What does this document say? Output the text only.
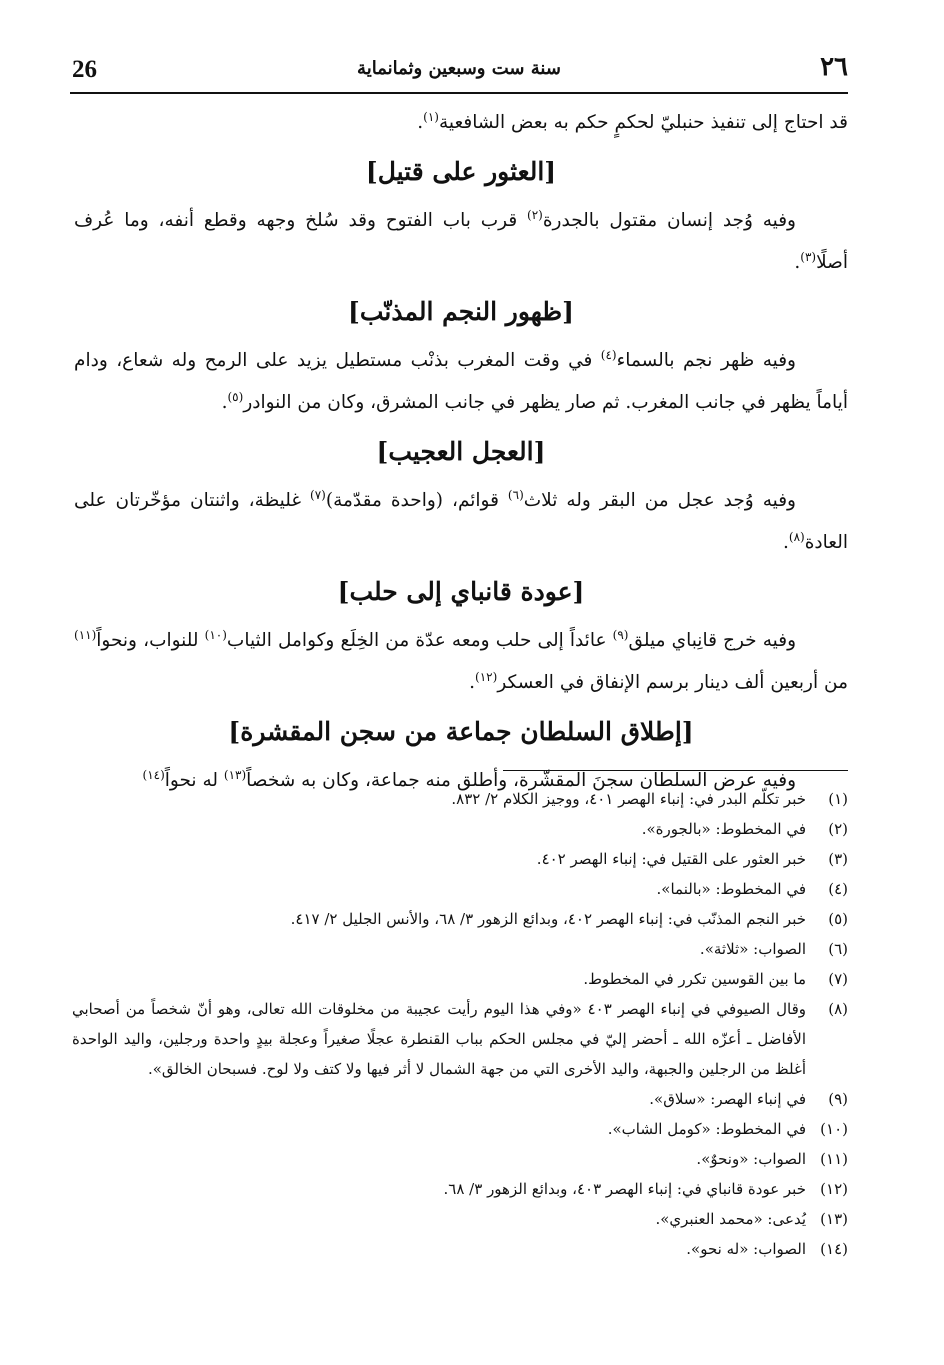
26	سنة ست وسبعين وثمانماية	٢٦

قد احتاج إلى تنفيذ حنبليّ لحكمٍ حكم به بعض الشافعية$^{(١)}$.

[العثور على قتيل]

وفيه وُجد إنسان مقتول بالجدرة$^{(٢)}$ قرب باب الفتوح وقد سُلخ وجهه وقطع أنفه، وما عُرف أصلًا$^{(٣)}$.

[ظهور النجم المذنّب]

وفيه ظهر نجم بالسماء$^{(٤)}$ في وقت المغرب بذنْب مستطيل يزيد على الرمح وله شعاع، ودام أياماً يظهر في جانب المغرب. ثم صار يظهر في جانب المشرق، وكان من النوادر$^{(٥)}$.

[العجل العجيب]

وفيه وُجد عجل من البقر وله ثلاث$^{(٦)}$ قوائم، (واحدة مقدّمة)$^{(٧)}$ غليظة، واثنتان مؤخّرتان على العادة$^{(٨)}$.

[عودة قانباي إلى حلب]

وفيه خرج قانِباي ميلق$^{(٩)}$ عائداً إلى حلب ومعه عدّة من الخِلَع وكوامل الثياب$^{(١٠)}$ للنواب، ونحواً$^{(١١)}$ من أربعين ألف دينار برسم الإنفاق في العسكر$^{(١٢)}$.

[إطلاق السلطان جماعة من سجن المقشرة]

وفيه عرض السلطان سجنَ المقشّرة، وأطلق منه جماعة، وكان به شخصاً$^{(١٣)}$ له نحواً$^{(١٤)}$

(١)
خبر تكلّم البدر في: إنباء الهصر ٤٠١، ووجيز الكلام ٢/ ٨٣٢.
(٢)
في المخطوط: «بالجورة».
(٣)
خبر العثور على القتيل في: إنباء الهصر ٤٠٢.
(٤)
في المخطوط: «بالنما».
(٥)
خبر النجم المذنّب في: إنباء الهصر ٤٠٢، وبدائع الزهور ٣/ ٦٨، والأنس الجليل ٢/ ٤١٧.
(٦)
الصواب: «ثلاثة».
(٧)
ما بين القوسين تكرر في المخطوط.
(٨)
وقال الصيوفي في إنباء الهصر ٤٠٣ «وفي هذا اليوم رأيت عجيبة من مخلوقات الله تعالى، وهو أنّ شخصاً من أصحابي الأفاضل ـ أعزّه الله ـ أحضر إليّ في مجلس الحكم بباب القنطرة عجلًا صغيراً وعجلة بيدٍ واحدة ورجلين، واليد الواحدة أغلظ من الرجلين والجبهة، واليد الأخرى التي من جهة الشمال لا أثر فيها ولا كتف ولا لوح. فسبحان الخالق».
(٩)
في إنباء الهصر: «سلاق».
(١٠)
في المخطوط: «كومل الشاب».
(١١)
الصواب: «ونحوٌ».
(١٢)
خبر عودة قانباي في: إنباء الهصر ٤٠٣، وبدائع الزهور ٣/ ٦٨.
(١٣)
يُدعى: «محمد العنبري».
(١٤)
الصواب: «له نحو».
